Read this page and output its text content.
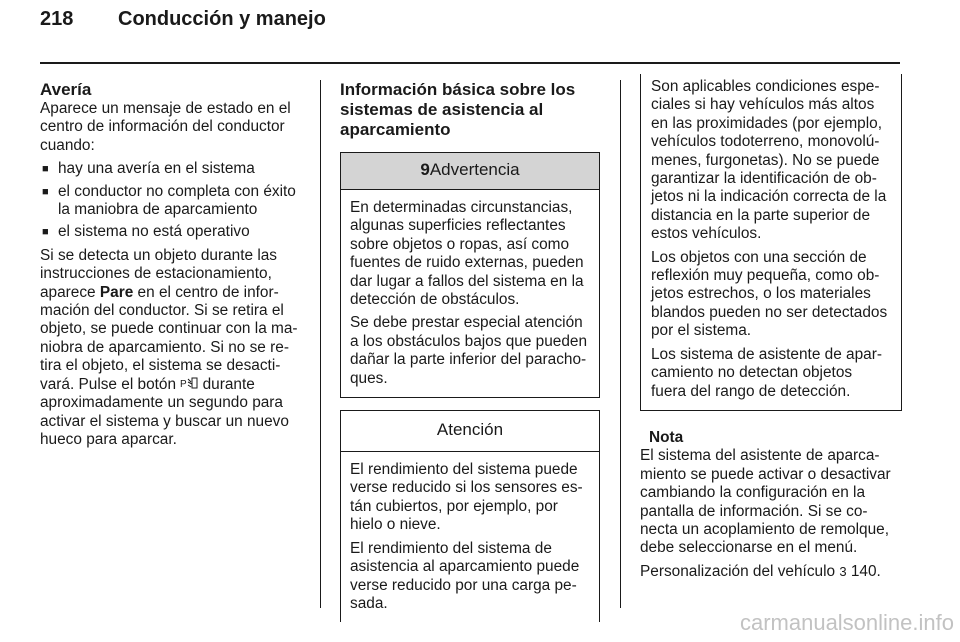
218 Conducción y manejo
Avería

Aparece un mensaje de estado en el centro de información del conductor cuando:

■ hay una avería en el sistema
■ el conductor no completa con éxito la maniobra de aparcamiento
■ el sistema no está operativo

Si se detecta un objeto durante las instrucciones de estacionamiento, aparece Pare en el centro de infor‐mación del conductor. Si se retira el objeto, se puede continuar con la ma‐niobra de aparcamiento. Si no se re‐tira el objeto, el sistema se desacti‐vará. Pulse el botón P durante aproximadamente un segundo para activar el sistema y buscar un nuevo hueco para aparcar.

Información básica sobre los sistemas de asistencia al aparcamiento
9Advertencia

En determinadas circunstancias, algunas superficies reflectantes sobre objetos o ropas, así como fuentes de ruido externas, pueden dar lugar a fallos del sistema en la detección de obstáculos.

Se debe prestar especial atención a los obstáculos bajos que pueden dañar la parte inferior del paracho‐ques.

Atención

El rendimiento del sistema puede verse reducido si los sensores es‐tán cubiertos, por ejemplo, por hielo o nieve.

El rendimiento del sistema de asistencia al aparcamiento puede verse reducido por una carga pe‐sada.

Son aplicables condiciones espe‐ciales si hay vehículos más altos en las proximidades (por ejemplo, vehículos todoterreno, monovolú‐menes, furgonetas). No se puede garantizar la identificación de ob‐jetos ni la indicación correcta de la distancia en la parte superior de estos vehículos.

Los objetos con una sección de reflexión muy pequeña, como ob‐jetos estrechos, o los materiales blandos pueden no ser detectados por el sistema.

Los sistema de asistente de apar‐camiento no detectan objetos fuera del rango de detección.

Nota

El sistema del asistente de aparca‐miento se puede activar o desactivar cambiando la configuración en la pantalla de información. Si se co‐necta un acoplamiento de remolque, debe seleccionarse en el menú.

Personalización del vehículo 3 140.

carmanualsonline.info
